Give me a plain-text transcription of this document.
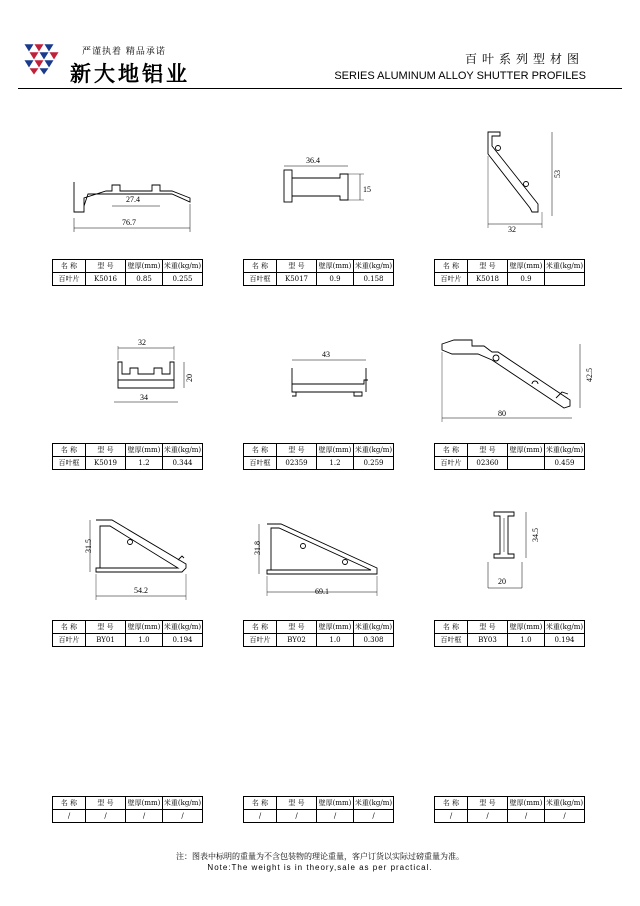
严谨执着 精品承诺
新大地铝业
百叶系列型材图
SERIES ALUMINUM ALLOY SHUTTER PROFILES
27.4
76.7
36.4
15
53
32
名 称	型 号	壁厚(mm)	米重(kg/m)
百叶片	K5016	0.85	0.255
名 称	型 号	壁厚(mm)	米重(kg/m)
百叶框	K5017	0.9	0.158
名 称	型 号	壁厚(mm)	米重(kg/m)
百叶片	K5018	0.9	
32
20
34
43
42.5
80
名 称	型 号	壁厚(mm)	米重(kg/m)
百叶框	K5019	1.2	0.344
名 称	型 号	壁厚(mm)	米重(kg/m)
百叶框	02359	1.2	0.259
名 称	型 号	壁厚(mm)	米重(kg/m)
百叶片	02360		0.459
31.5
54.2
31.8
69.1
34.5
20
名 称	型 号	壁厚(mm)	米重(kg/m)
百叶片	BY01	1.0	0.194
名 称	型 号	壁厚(mm)	米重(kg/m)
百叶片	BY02	1.0	0.308
名 称	型 号	壁厚(mm)	米重(kg/m)
百叶框	BY03	1.0	0.194
名 称	型 号	壁厚(mm)	米重(kg/m)
/	/	/	/
名 称	型 号	壁厚(mm)	米重(kg/m)
/	/	/	/
名 称	型 号	壁厚(mm)	米重(kg/m)
/	/	/	/
注：图表中标明的重量为不含包装物的理论重量，客户订货以实际过磅重量为准。
Note:The weight is in theory,sale as per practical.
